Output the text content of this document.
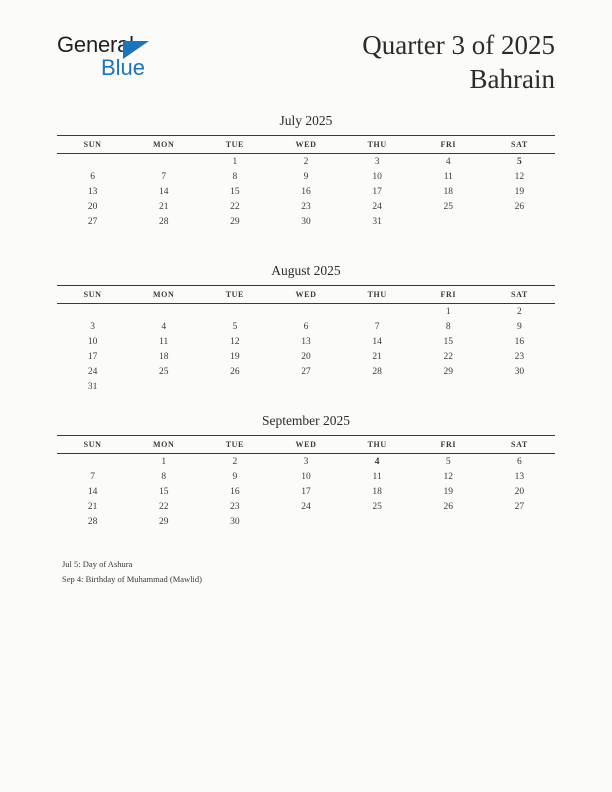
General
Blue
Quarter 3 of 2025
Bahrain
July 2025
SUN	MON	TUE	WED	THU	FRI	SAT
		1	2	3	4	5
6	7	8	9	10	11	12
13	14	15	16	17	18	19
20	21	22	23	24	25	26
27	28	29	30	31		
August 2025
SUN	MON	TUE	WED	THU	FRI	SAT
					1	2
3	4	5	6	7	8	9
10	11	12	13	14	15	16
17	18	19	20	21	22	23
24	25	26	27	28	29	30
31						
September 2025
SUN	MON	TUE	WED	THU	FRI	SAT
	1	2	3	4	5	6
7	8	9	10	11	12	13
14	15	16	17	18	19	20
21	22	23	24	25	26	27
28	29	30				
Jul 5: Day of Ashura
Sep 4: Birthday of Muhammad (Mawlid)
